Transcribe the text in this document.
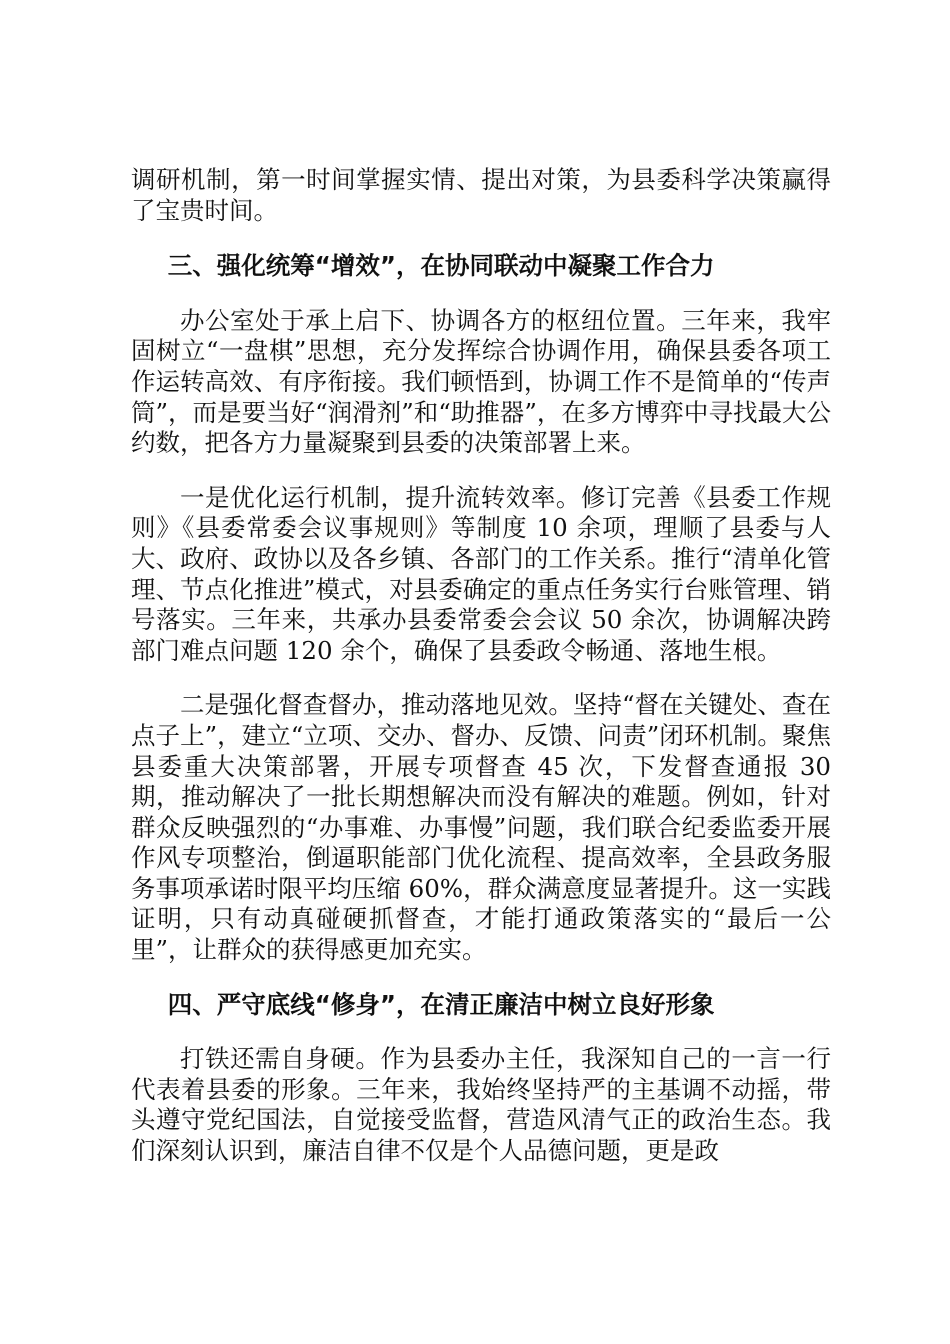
调研机制，第一时间掌握实情、提出对策，为县委科学决策赢得了宝贵时间。

三、强化统筹“增效”，在协同联动中凝聚工作合力

办公室处于承上启下、协调各方的枢纽位置。三年来，我牢固树立“一盘棋”思想，充分发挥综合协调作用，确保县委各项工作运转高效、有序衔接。我们顿悟到，协调工作不是简单的“传声筒”，而是要当好“润滑剂”和“助推器”，在多方博弈中寻找最大公约数，把各方力量凝聚到县委的决策部署上来。

一是优化运行机制，提升流转效率。修订完善《县委工作规则》《县委常委会议事规则》等制度 10 余项，理顺了县委与人大、政府、政协以及各乡镇、各部门的工作关系。推行“清单化管理、节点化推进”模式，对县委确定的重点任务实行台账管理、销号落实。三年来，共承办县委常委会会议 50 余次，协调解决跨部门难点问题 120 余个，确保了县委政令畅通、落地生根。

二是强化督查督办，推动落地见效。坚持“督在关键处、查在点子上”，建立“立项、交办、督办、反馈、问责”闭环机制。聚焦县委重大决策部署，开展专项督查 45 次，下发督查通报 30 期，推动解决了一批长期想解决而没有解决的难题。例如，针对群众反映强烈的“办事难、办事慢”问题，我们联合纪委监委开展作风专项整治，倒逼职能部门优化流程、提高效率，全县政务服务事项承诺时限平均压缩 60%，群众满意度显著提升。这一实践证明，只有动真碰硬抓督查，才能打通政策落实的“最后一公里”，让群众的获得感更加充实。

四、严守底线“修身”，在清正廉洁中树立良好形象

打铁还需自身硬。作为县委办主任，我深知自己的一言一行代表着县委的形象。三年来，我始终坚持严的主基调不动摇，带头遵守党纪国法，自觉接受监督，营造风清气正的政治生态。我们深刻认识到，廉洁自律不仅是个人品德问题，更是政
